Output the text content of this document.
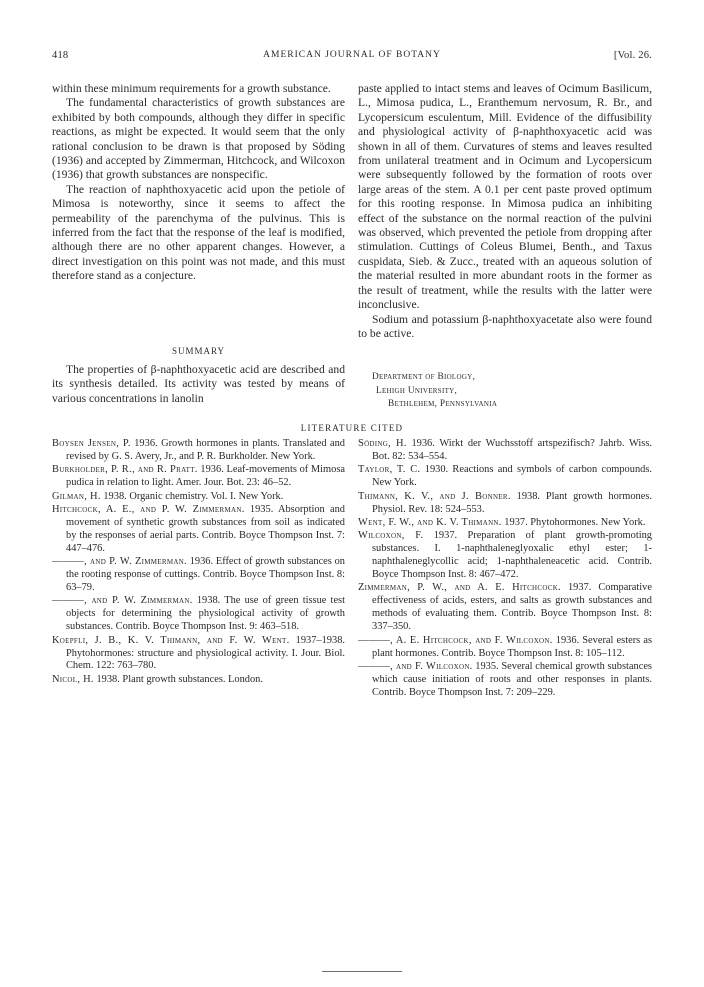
418	AMERICAN JOURNAL OF BOTANY	[Vol. 26.

within these minimum requirements for a growth substance.

The fundamental characteristics of growth substances are exhibited by both compounds, although they differ in specific reactions, as might be expected. It would seem that the only rational conclusion to be drawn is that proposed by Söding (1936) and accepted by Zimmerman, Hitchcock, and Wilcoxon (1936) that growth substances are nonspecific.

The reaction of naphthoxyacetic acid upon the petiole of Mimosa is noteworthy, since it seems to affect the permeability of the parenchyma of the pulvinus. This is inferred from the fact that the response of the leaf is modified, although there are no other apparent changes. However, a direct investigation on this point was not made, and this must therefore stand as a conjecture.

SUMMARY

The properties of β-naphthoxyacetic acid are described and its synthesis detailed. Its activity was tested by means of various concentrations in lanolin

paste applied to intact stems and leaves of Ocimum Basilicum, L., Mimosa pudica, L., Eranthemum nervosum, R. Br., and Lycopersicum esculentum, Mill. Evidence of the diffusibility and physiological activity of β-naphthoxyacetic acid was shown in all of them. Curvatures of stems and leaves resulted from unilateral treatment and in Ocimum and Lycopersicum were subsequently followed by the formation of roots over large areas of the stem. A 0.1 per cent paste proved optimum for this rooting response. In Mimosa pudica an inhibiting effect of the substance on the normal reaction of the pulvini was observed, which prevented the petiole from dropping after stimulation. Cuttings of Coleus Blumei, Benth., and Taxus cuspidata, Sieb. & Zucc., treated with an aqueous solution of the material resulted in more abundant roots in the former as the result of treatment, while the results with the latter were inconclusive.

Sodium and potassium β-naphthoxyacetate also were found to be active.

Department of Biology,
Lehigh University,
Bethlehem, Pennsylvania
LITERATURE CITED
Boysen Jensen, P. 1936. Growth hormones in plants. Translated and revised by G. S. Avery, Jr., and P. R. Burkholder. New York.
Burkholder, P. R., and R. Pratt. 1936. Leaf-movements of Mimosa pudica in relation to light. Amer. Jour. Bot. 23: 46–52.
Gilman, H. 1938. Organic chemistry. Vol. I. New York.
Hitchcock, A. E., and P. W. Zimmerman. 1935. Absorption and movement of synthetic growth substances from soil as indicated by the responses of aerial parts. Contrib. Boyce Thompson Inst. 7: 447–476.
———, and P. W. Zimmerman. 1936. Effect of growth substances on the rooting response of cuttings. Contrib. Boyce Thompson Inst. 8: 63–79.
———, and P. W. Zimmerman. 1938. The use of green tissue test objects for determining the physiological activity of growth substances. Contrib. Boyce Thompson Inst. 9: 463–518.
Koepfli, J. B., K. V. Thimann, and F. W. Went. 1937–1938. Phytohormones: structure and physiological activity. I. Jour. Biol. Chem. 122: 763–780.
Nicol, H. 1938. Plant growth substances. London.
Söding, H. 1936. Wirkt der Wuchsstoff artspezifisch? Jahrb. Wiss. Bot. 82: 534–554.
Taylor, T. C. 1930. Reactions and symbols of carbon compounds. New York.
Thimann, K. V., and J. Bonner. 1938. Plant growth hormones. Physiol. Rev. 18: 524–553.
Went, F. W., and K. V. Thimann. 1937. Phytohormones. New York.
Wilcoxon, F. 1937. Preparation of plant growth-promoting substances. I. 1-naphthaleneglyoxalic ethyl ester; 1-naphthaleneglycollic acid; 1-naphthaleneacetic acid. Contrib. Boyce Thompson Inst. 8: 467–472.
Zimmerman, P. W., and A. E. Hitchcock. 1937. Comparative effectiveness of acids, esters, and salts as growth substances and methods of evaluating them. Contrib. Boyce Thompson Inst. 8: 337–350.
———, A. E. Hitchcock, and F. Wilcoxon. 1936. Several esters as plant hormones. Contrib. Boyce Thompson Inst. 8: 105–112.
———, and F. Wilcoxon. 1935. Several chemical growth substances which cause initiation of roots and other responses in plants. Contrib. Boyce Thompson Inst. 7: 209–229.
